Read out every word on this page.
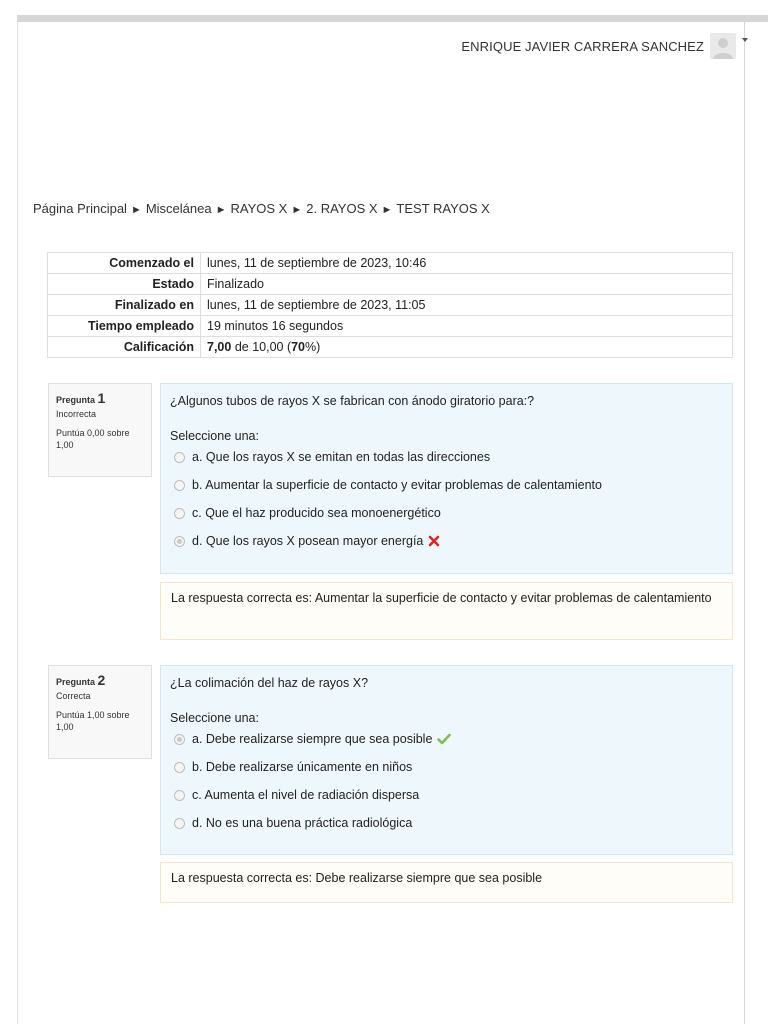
ENRIQUE JAVIER CARRERA SANCHEZ
Página Principal ► Miscelánea ► RAYOS X ► 2. RAYOS X ► TEST RAYOS X
Comenzado el	lunes, 11 de septiembre de 2023, 10:46
Estado	Finalizado
Finalizado en	lunes, 11 de septiembre de 2023, 11:05
Tiempo empleado	19 minutos 16 segundos
Calificación	7,00 de 10,00 (70%)
Pregunta 1
Incorrecta
Puntúa 0,00 sobre 1,00
¿Algunos tubos de rayos X se fabrican con ánodo giratorio para:?
Seleccione una:
a. Que los rayos X se emitan en todas las direcciones
b. Aumentar la superficie de contacto y evitar problemas de calentamiento
c. Que el haz producido sea monoenergético
d. Que los rayos X posean mayor energía
La respuesta correcta es: Aumentar la superficie de contacto y evitar problemas de calentamiento
Pregunta 2
Correcta
Puntúa 1,00 sobre 1,00
¿La colimación del haz de rayos X?
Seleccione una:
a. Debe realizarse siempre que sea posible
b. Debe realizarse únicamente en niños
c. Aumenta el nivel de radiación dispersa
d. No es una buena práctica radiológica
La respuesta correcta es: Debe realizarse siempre que sea posible
